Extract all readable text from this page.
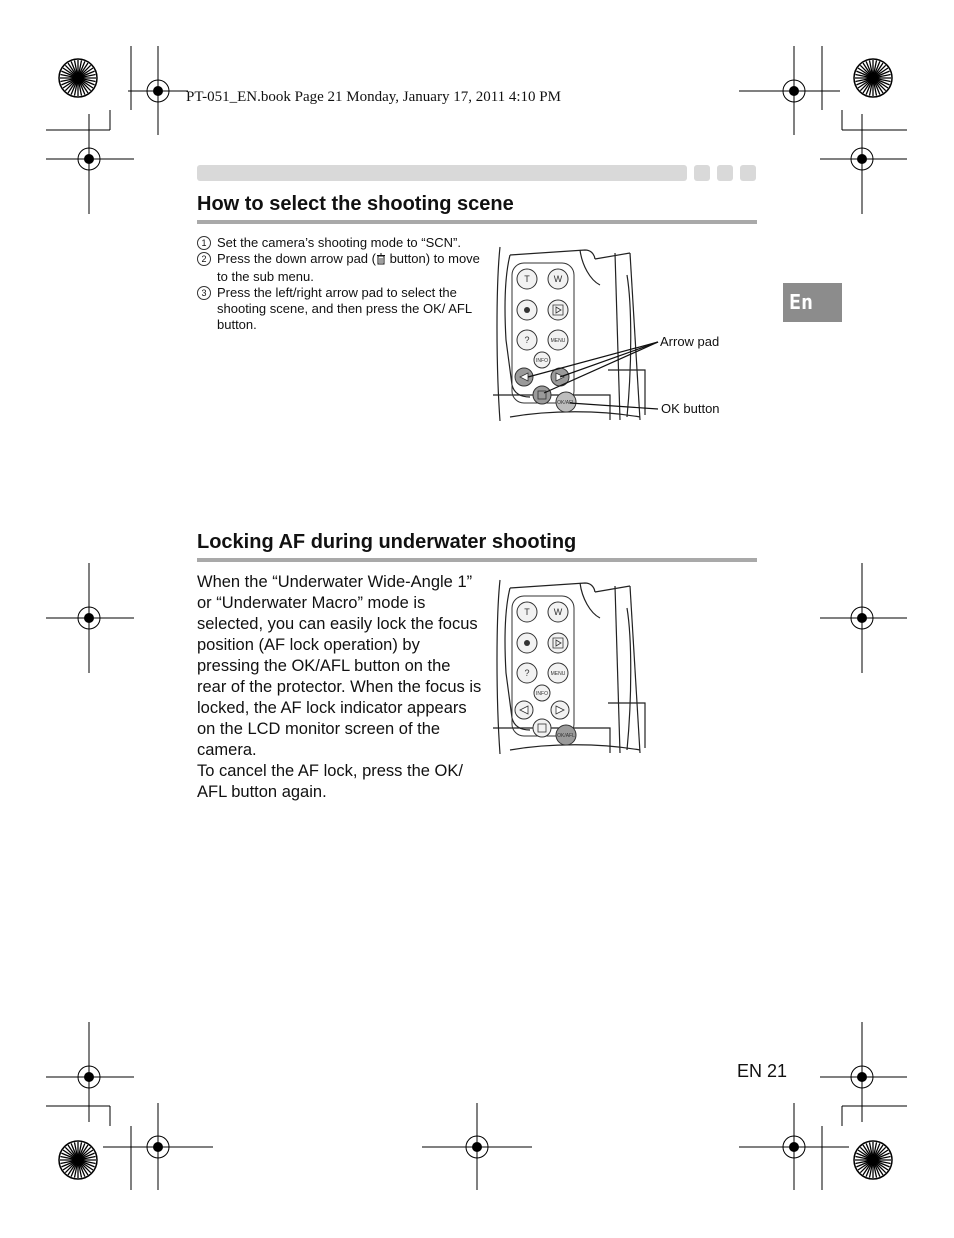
PT-051_EN.book Page 21 Monday, January 17, 2011 4:10 PM
En
How to select the shooting scene

1 Set the camera’s shooting mode to “SCN”.

2 Press the down arrow pad ( button) to move to the sub menu.

3 Press the left/right arrow pad to select the shooting scene, and then press the OK/ AFL button.

T	W
?	MENU
INFO
OK/AFL
Arrow pad
OK button
Locking AF during underwater shooting

When the “Underwater Wide-Angle 1” or “Underwater Macro” mode is selected, you can easily lock the focus position (AF lock operation) by pressing the OK/AFL button on the rear of the protector. When the focus is locked, the AF lock indicator appears on the LCD monitor screen of the camera.

To cancel the AF lock, press the OK/ AFL button again.

T	W
?	MENU
INFO
OK/AFL
EN 21
